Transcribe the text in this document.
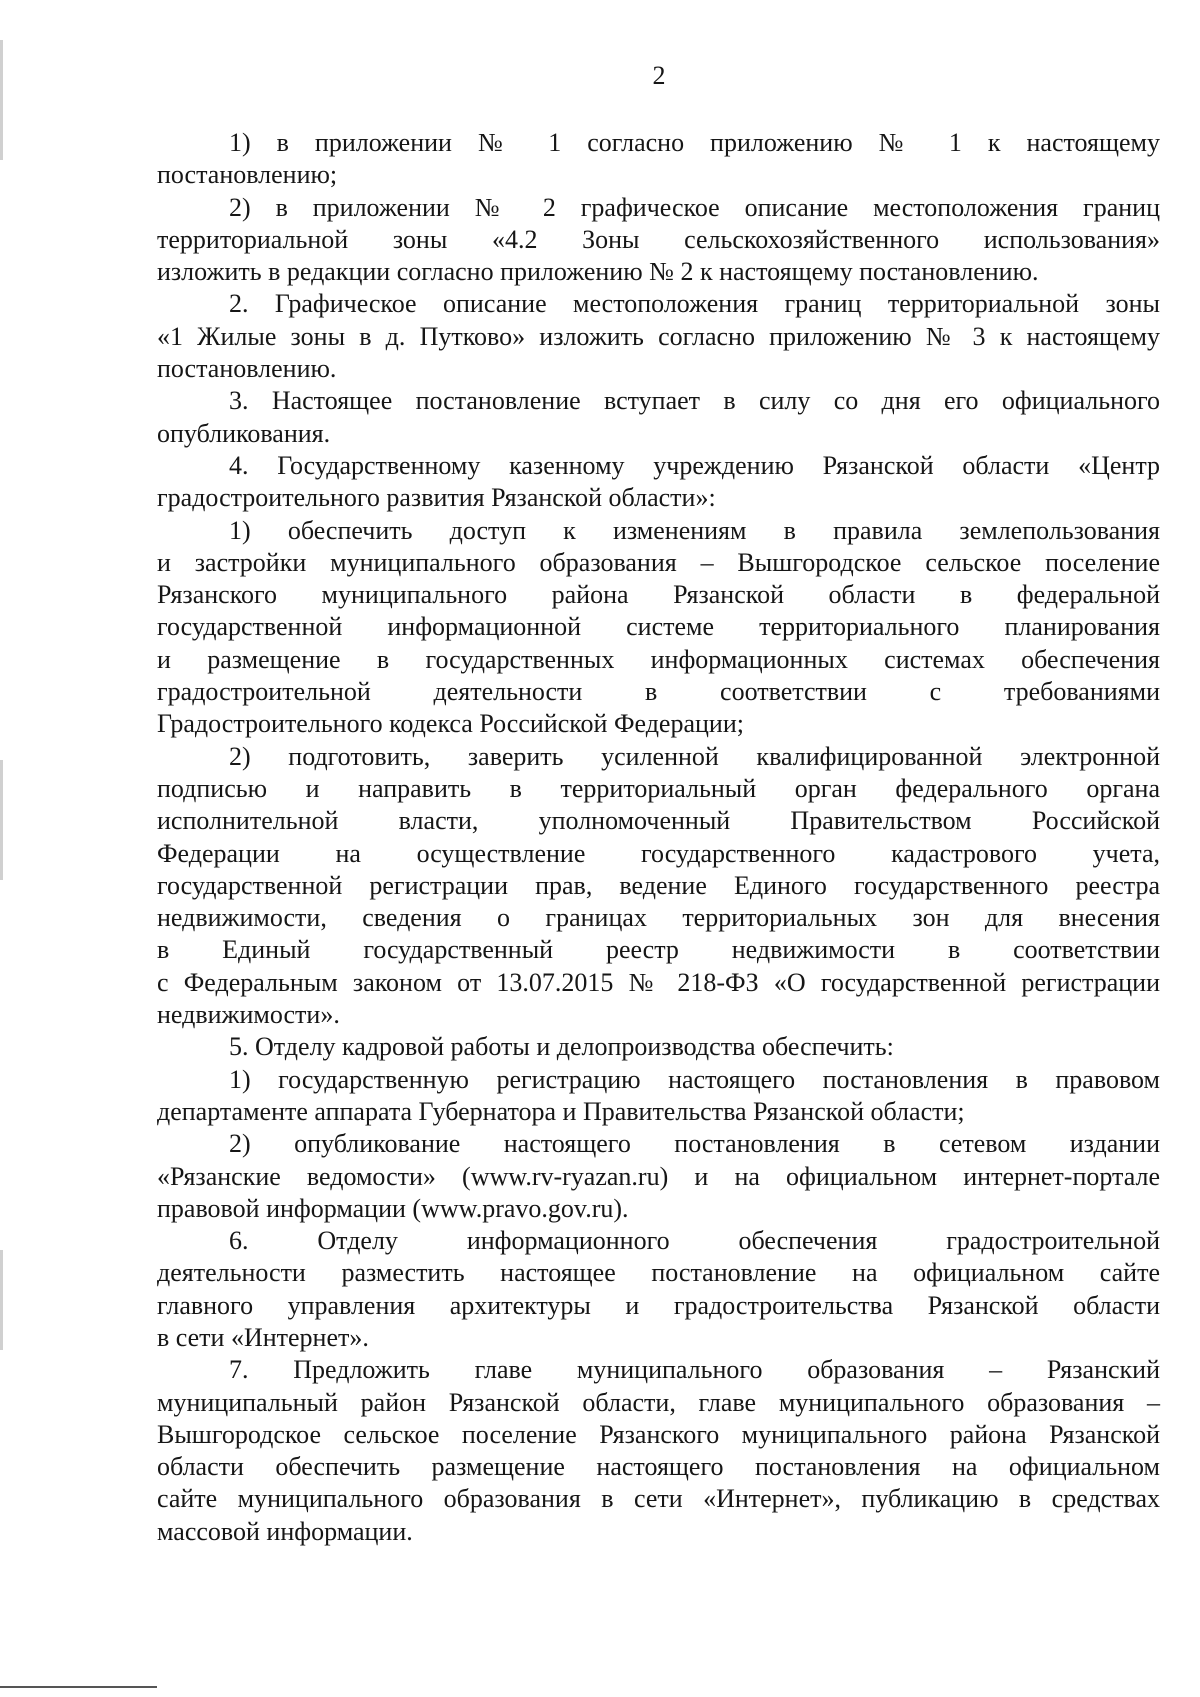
2
1) в приложении № 1 согласно приложению № 1 к настоящему
постановлению;
2) в приложении № 2 графическое описание местоположения границ
территориальной зоны «4.2 Зоны сельскохозяйственного использования»
изложить в редакции согласно приложению № 2 к настоящему постановлению.
2. Графическое описание местоположения границ территориальной зоны
«1 Жилые зоны в д. Путково» изложить согласно приложению № 3 к настоящему
постановлению.
3. Настоящее постановление вступает в силу со дня его официального
опубликования.
4. Государственному казенному учреждению Рязанской области «Центр
градостроительного развития Рязанской области»:
1) обеспечить доступ к изменениям в правила землепользования
и застройки муниципального образования – Вышгородское сельское поселение
Рязанского муниципального района Рязанской области в федеральной
государственной информационной системе территориального планирования
и размещение в государственных информационных системах обеспечения
градостроительной деятельности в соответствии с требованиями
Градостроительного кодекса Российской Федерации;
2) подготовить, заверить усиленной квалифицированной электронной
подписью и направить в территориальный орган федерального органа
исполнительной власти, уполномоченный Правительством Российской
Федерации на осуществление государственного кадастрового учета,
государственной регистрации прав, ведение Единого государственного реестра
недвижимости, сведения о границах территориальных зон для внесения
в Единый государственный реестр недвижимости в соответствии
с Федеральным законом от 13.07.2015 № 218-ФЗ «О государственной регистрации
недвижимости».
5. Отделу кадровой работы и делопроизводства обеспечить:
1) государственную регистрацию настоящего постановления в правовом
департаменте аппарата Губернатора и Правительства Рязанской области;
2) опубликование настоящего постановления в сетевом издании
«Рязанские ведомости» (www.rv-ryazan.ru) и на официальном интернет-портале
правовой информации (www.pravo.gov.ru).
6. Отделу информационного обеспечения градостроительной
деятельности разместить настоящее постановление на официальном сайте
главного управления архитектуры и градостроительства Рязанской области
в сети «Интернет».
7. Предложить главе муниципального образования – Рязанский
муниципальный район Рязанской области, главе муниципального образования –
Вышгородское сельское поселение Рязанского муниципального района Рязанской
области обеспечить размещение настоящего постановления на официальном
сайте муниципального образования в сети «Интернет», публикацию в средствах
массовой информации.
